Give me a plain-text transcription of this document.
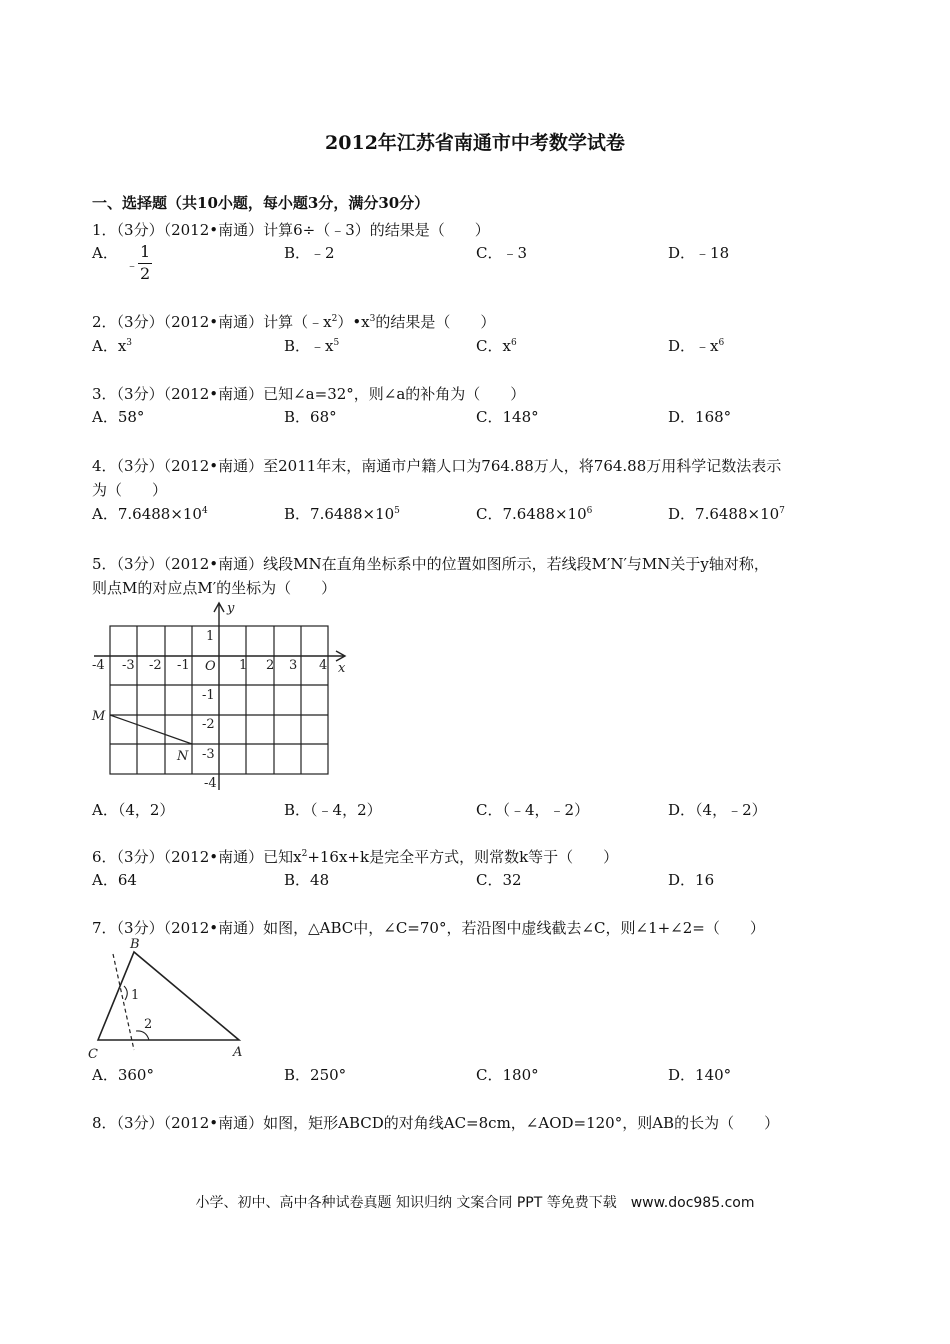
2012年江苏省南通市中考数学试卷
一、选择题（共10小题，每小题3分，满分30分）
1．（3分）（2012•南通）计算6÷（﹣3）的结果是（　　）
A．
﹣
1
2
B．﹣2	C．﹣3	D．﹣18
2．（3分）（2012•南通）计算$(﹣x^2)•x^3$的结果是（　　）
A．$x^3$	B．$﹣x^5$	C．$x^6$	D．$﹣x^6$
3．（3分）（2012•南通）已知∠a=32°，则∠a的补角为（　　）
A．58°	B．68°	C．148°	D．168°
4．（3分）（2012•南通）至2011年末，南通市户籍人口为764.88万人，将764.88万用科学记数法表示
为（　　）
A．$7.6488\times 10^4$	B．$7.6488\times 10^5$	C．$7.6488\times 10^6$	D．$7.6488\times 10^7$
5．（3分）（2012•南通）线段MN在直角坐标系中的位置如图所示，若线段M′N′与MN关于y轴对称，
则点M的对应点M′的坐标为（　　）
y
x
O
-4 -3 -2 -1	1 2 3 4
1
-1
-2
-3
-4
M
N
A．（4，2）	B．（﹣4，2）	C．（﹣4，﹣2）	D．（4，﹣2）
6．（3分）（2012•南通）已知$x^2+16x+k$是完全平方式，则常数k等于（　　）
A．64	B．48	C．32	D．16
7．（3分）（2012•南通）如图，△ABC中，∠C=70°，若沿图中虚线截去∠C，则∠1+∠2=（　　）
B
C	A
1
2
A．360°	B．250°	C．180°	D．140°
8．（3分）（2012•南通）如图，矩形ABCD的对角线AC=8cm，∠AOD=120°，则AB的长为（　　）
小学、初中、高中各种试卷真题 知识归纳 文案合同 PPT 等免费下载　www.doc985.com
